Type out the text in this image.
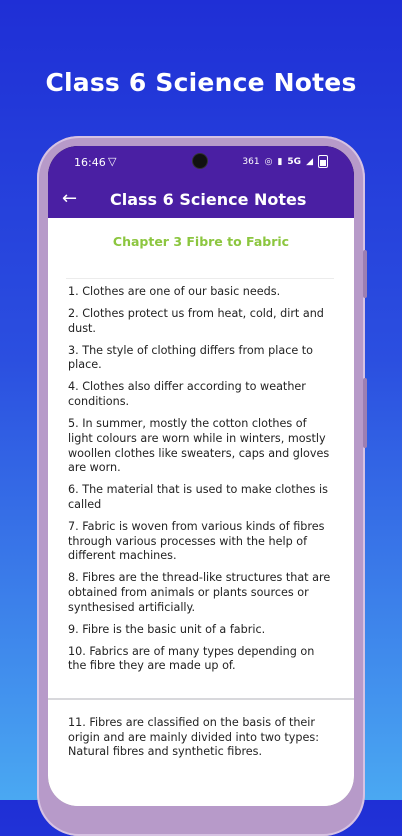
Class 6 Science Notes
16:46 ▽	361 ◎ ▮ 5G ◢
← Class 6 Science Notes
Chapter 3 Fibre to Fabric

1. Clothes are one of our basic needs.

2. Clothes protect us from heat, cold, dirt and dust.

3. The style of clothing differs from place to place.

4. Clothes also differ according to weather conditions.

5. In summer, mostly the cotton clothes of light colours are worn while in winters, mostly woollen clothes like sweaters, caps and gloves are worn.

6. The material that is used to make clothes is called

7. Fabric is woven from various kinds of fibres through various processes with the help of different machines.

8. Fibres are the thread-like structures that are obtained from animals or plants sources or synthesised artificially.

9. Fibre is the basic unit of a fabric.

10. Fabrics are of many types depending on the fibre they are made up of.

11. Fibres are classified on the basis of their origin and are mainly divided into two types: Natural fibres and synthetic fibres.
